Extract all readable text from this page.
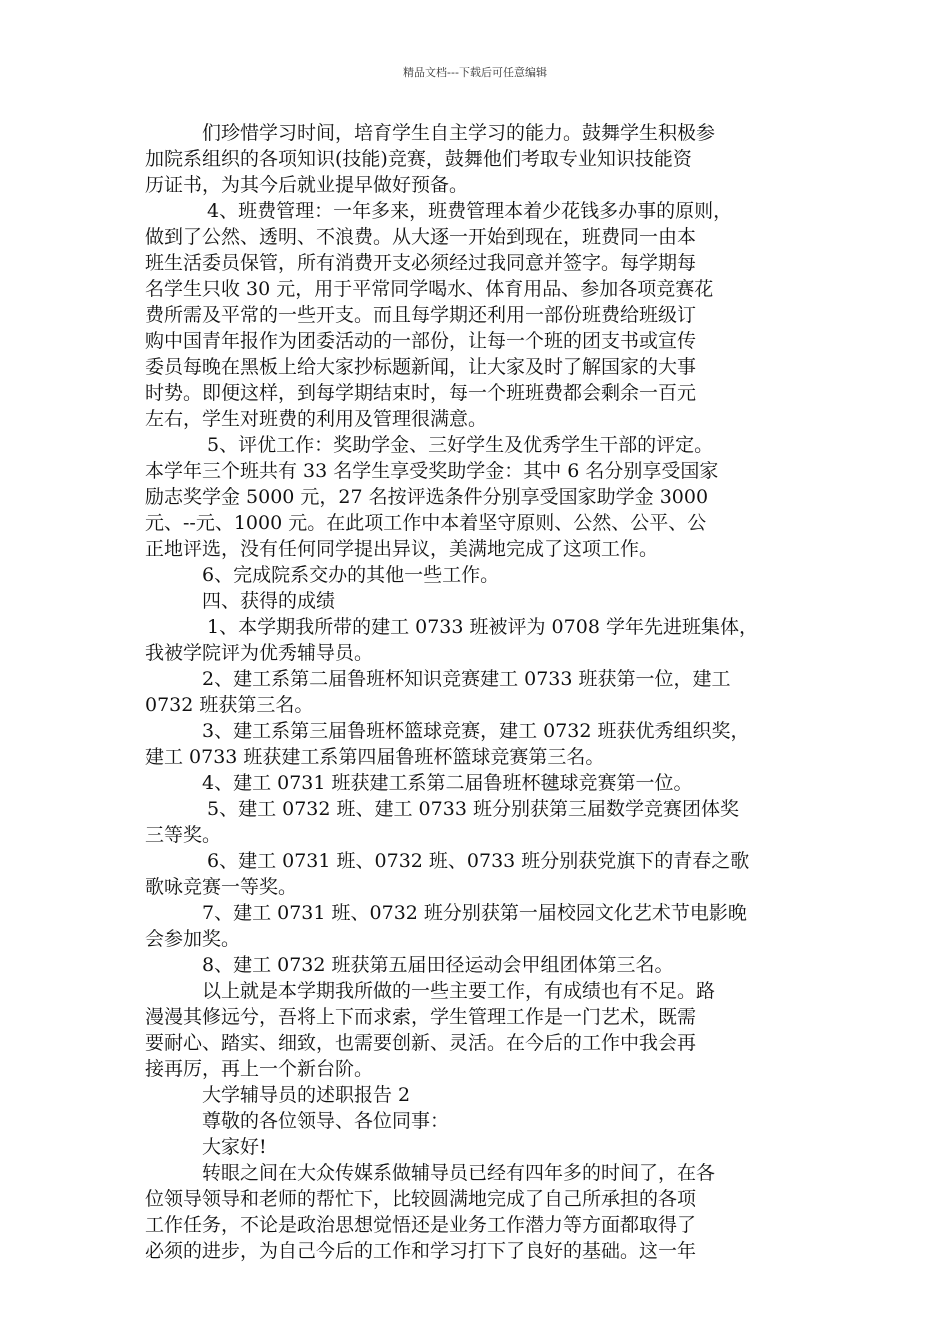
精品文档---下载后可任意编辑
们珍惜学习时间，培育学生自主学习的能力。鼓舞学生积极参
加院系组织的各项知识(技能)竞赛，鼓舞他们考取专业知识技能资
历证书，为其今后就业提早做好预备。
4、班费管理：一年多来，班费管理本着少花钱多办事的原则，
做到了公然、透明、不浪费。从大逐一开始到现在，班费同一由本
班生活委员保管，所有消费开支必须经过我同意并签字。每学期每
名学生只收 30 元，用于平常同学喝水、体育用品、参加各项竞赛花
费所需及平常的一些开支。而且每学期还利用一部份班费给班级订
购中国青年报作为团委活动的一部份，让每一个班的团支书或宣传
委员每晚在黑板上给大家抄标题新闻，让大家及时了解国家的大事
时势。即便这样，到每学期结束时，每一个班班费都会剩余一百元
左右，学生对班费的利用及管理很满意。
5、评优工作：奖助学金、三好学生及优秀学生干部的评定。
本学年三个班共有 33 名学生享受奖助学金：其中 6 名分别享受国家
励志奖学金 5000 元，27 名按评选条件分别享受国家助学金 3000
元、--元、1000 元。在此项工作中本着坚守原则、公然、公平、公
正地评选，没有任何同学提出异议，美满地完成了这项工作。
6、完成院系交办的其他一些工作。
四、获得的成绩
1、本学期我所带的建工 0733 班被评为 0708 学年先进班集体，
我被学院评为优秀辅导员。
2、建工系第二届鲁班杯知识竞赛建工 0733 班获第一位，建工
0732 班获第三名。
3、建工系第三届鲁班杯篮球竞赛，建工 0732 班获优秀组织奖，
建工 0733 班获建工系第四届鲁班杯篮球竞赛第三名。
4、建工 0731 班获建工系第二届鲁班杯毽球竞赛第一位。
5、建工 0732 班、建工 0733 班分别获第三届数学竞赛团体奖
三等奖。
6、建工 0731 班、0732 班、0733 班分别获党旗下的青春之歌
歌咏竞赛一等奖。
7、建工 0731 班、0732 班分别获第一届校园文化艺术节电影晚
会参加奖。
8、建工 0732 班获第五届田径运动会甲组团体第三名。
以上就是本学期我所做的一些主要工作，有成绩也有不足。路
漫漫其修远兮，吾将上下而求索，学生管理工作是一门艺术，既需
要耐心、踏实、细致，也需要创新、灵活。在今后的工作中我会再
接再厉，再上一个新台阶。
大学辅导员的述职报告 2
尊敬的各位领导、各位同事：
大家好!
转眼之间在大众传媒系做辅导员已经有四年多的时间了，在各
位领导领导和老师的帮忙下，比较圆满地完成了自己所承担的各项
工作任务，不论是政治思想觉悟还是业务工作潜力等方面都取得了
必须的进步，为自己今后的工作和学习打下了良好的基础。这一年
